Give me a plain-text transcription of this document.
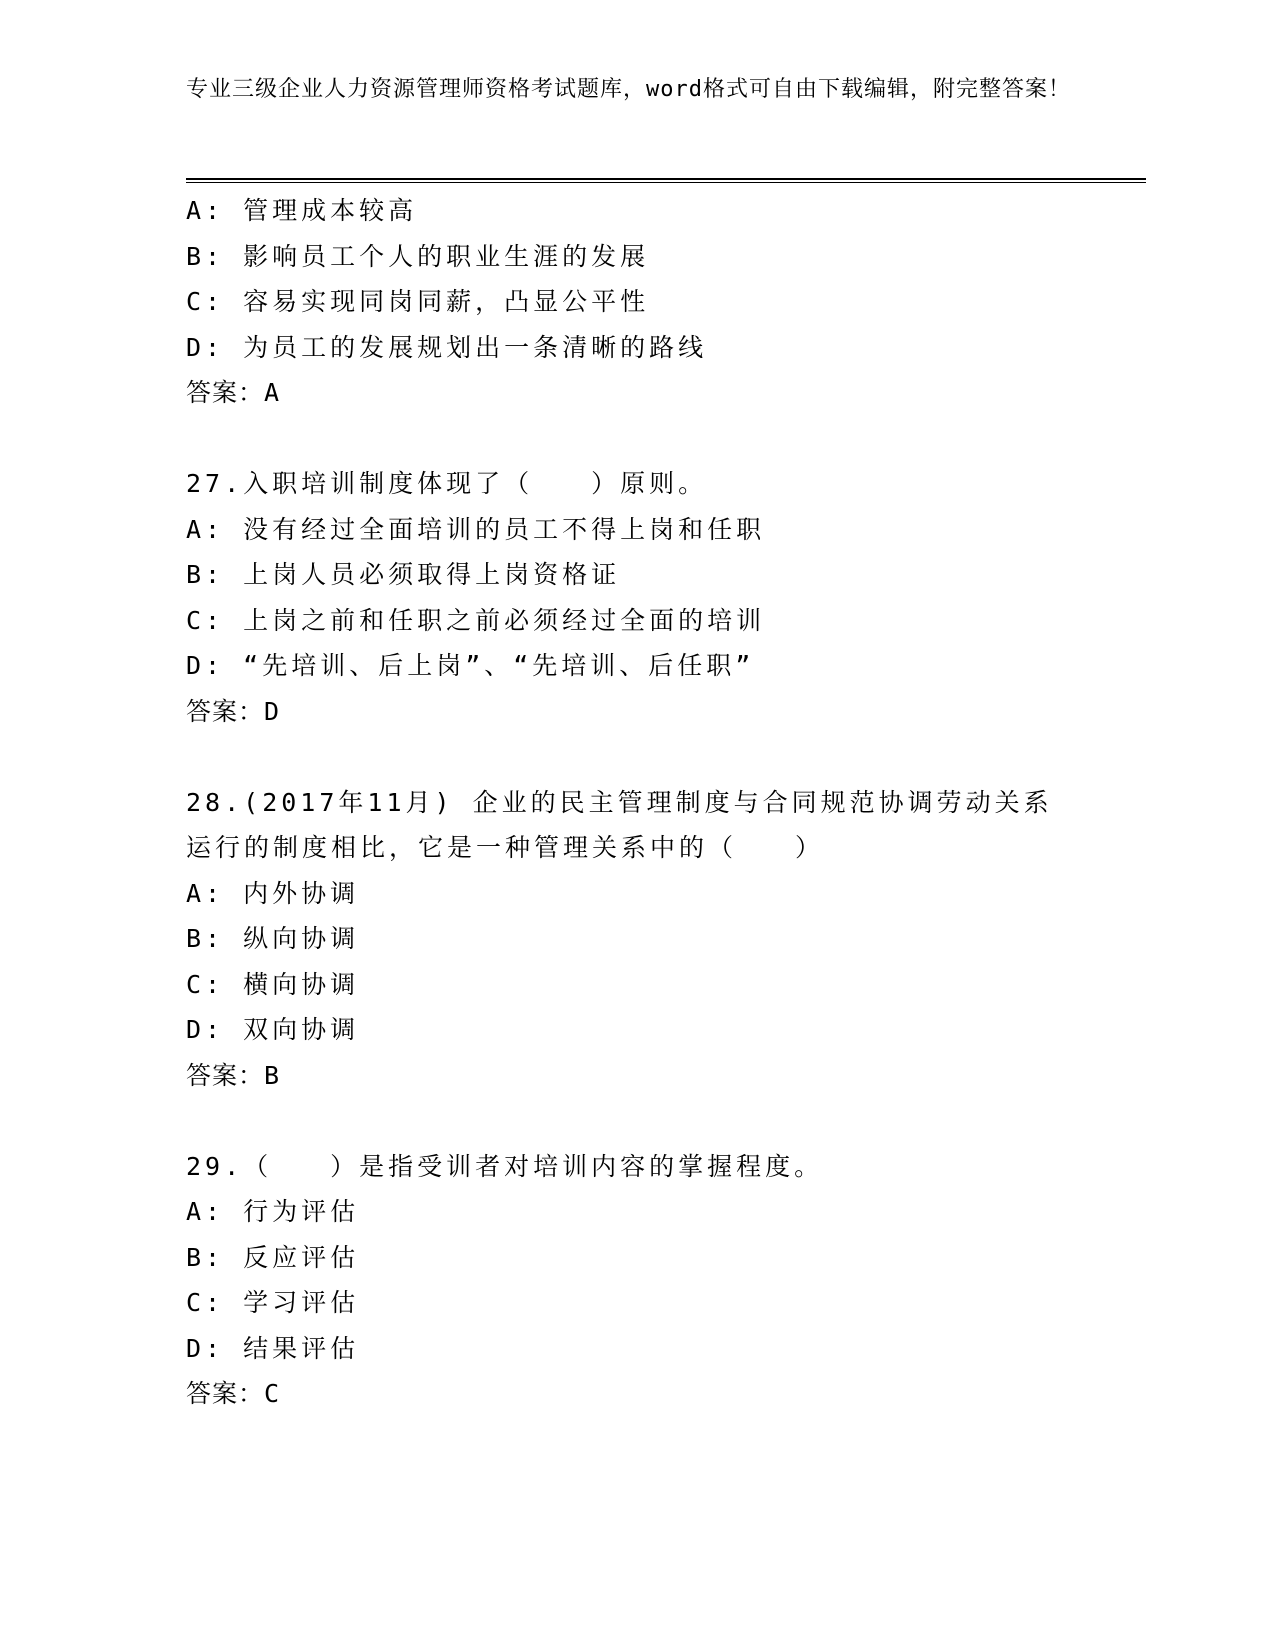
专业三级企业人力资源管理师资格考试题库，word格式可自由下载编辑，附完整答案！
A: 管理成本较高
B: 影响员工个人的职业生涯的发展
C: 容易实现同岗同薪，凸显公平性
D: 为员工的发展规划出一条清晰的路线
答案：A
27.入职培训制度体现了（　　）原则。
A: 没有经过全面培训的员工不得上岗和任职
B: 上岗人员必须取得上岗资格证
C: 上岗之前和任职之前必须经过全面的培训
D: “先培训、后上岗”、“先培训、后任职”
答案：D
28.(2017年11月) 企业的民主管理制度与合同规范协调劳动关系运行的制度相比，它是一种管理关系中的（　　）
A: 内外协调
B: 纵向协调
C: 横向协调
D: 双向协调
答案：B
29.（　　）是指受训者对培训内容的掌握程度。
A: 行为评估
B: 反应评估
C: 学习评估
D: 结果评估
答案：C
